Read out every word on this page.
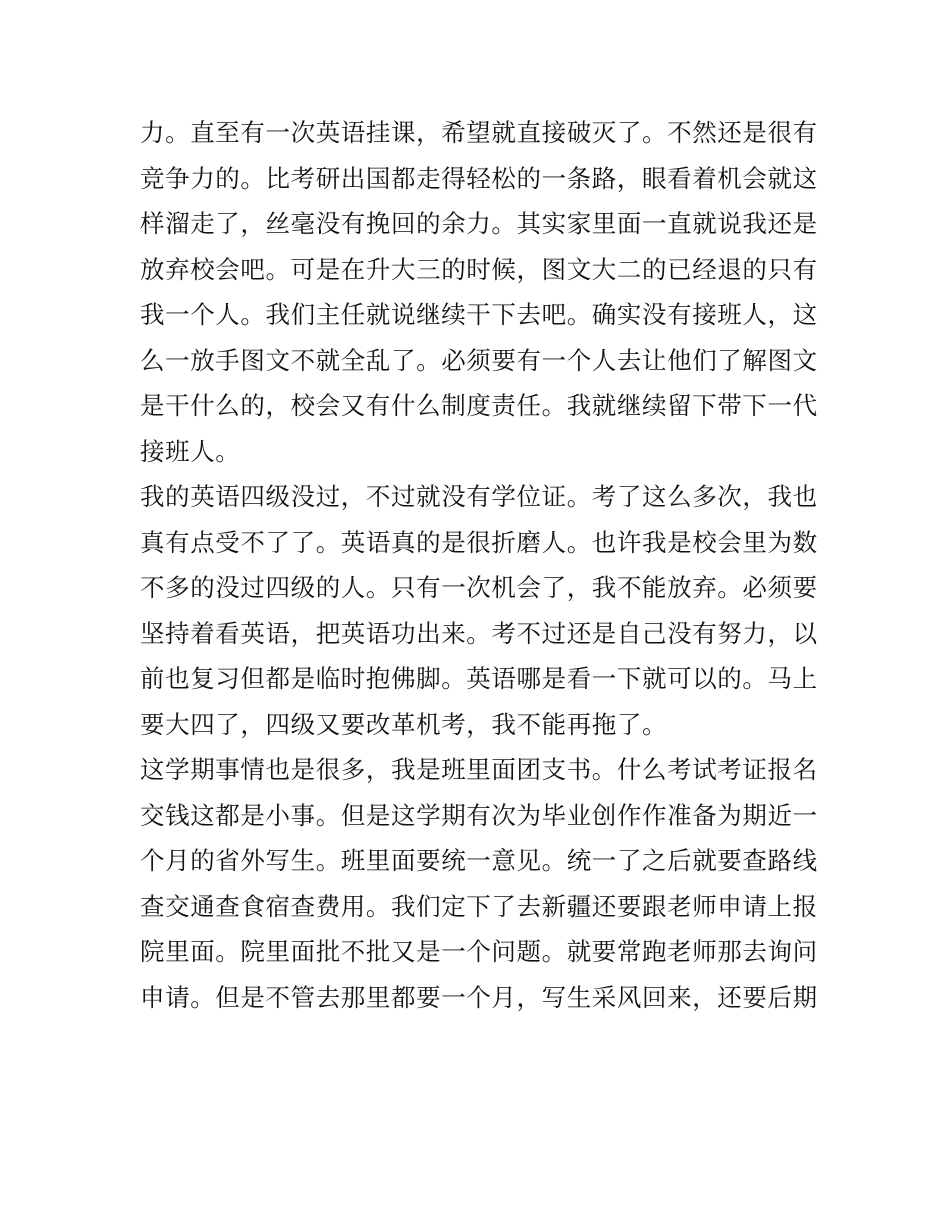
力。直至有一次英语挂课，希望就直接破灭了。不然还是很有
竞争力的。比考研出国都走得轻松的一条路，眼看着机会就这
样溜走了，丝毫没有挽回的余力。其实家里面一直就说我还是
放弃校会吧。可是在升大三的时候，图文大二的已经退的只有
我一个人。我们主任就说继续干下去吧。确实没有接班人，这
么一放手图文不就全乱了。必须要有一个人去让他们了解图文
是干什么的，校会又有什么制度责任。我就继续留下带下一代
接班人。
我的英语四级没过，不过就没有学位证。考了这么多次，我也
真有点受不了了。英语真的是很折磨人。也许我是校会里为数
不多的没过四级的人。只有一次机会了，我不能放弃。必须要
坚持着看英语，把英语功出来。考不过还是自己没有努力，以
前也复习但都是临时抱佛脚。英语哪是看一下就可以的。马上
要大四了，四级又要改革机考，我不能再拖了。
这学期事情也是很多，我是班里面团支书。什么考试考证报名
交钱这都是小事。但是这学期有次为毕业创作作准备为期近一
个月的省外写生。班里面要统一意见。统一了之后就要查路线
查交通查食宿查费用。我们定下了去新疆还要跟老师申请上报
院里面。院里面批不批又是一个问题。就要常跑老师那去询问
申请。但是不管去那里都要一个月，写生采风回来，还要后期
